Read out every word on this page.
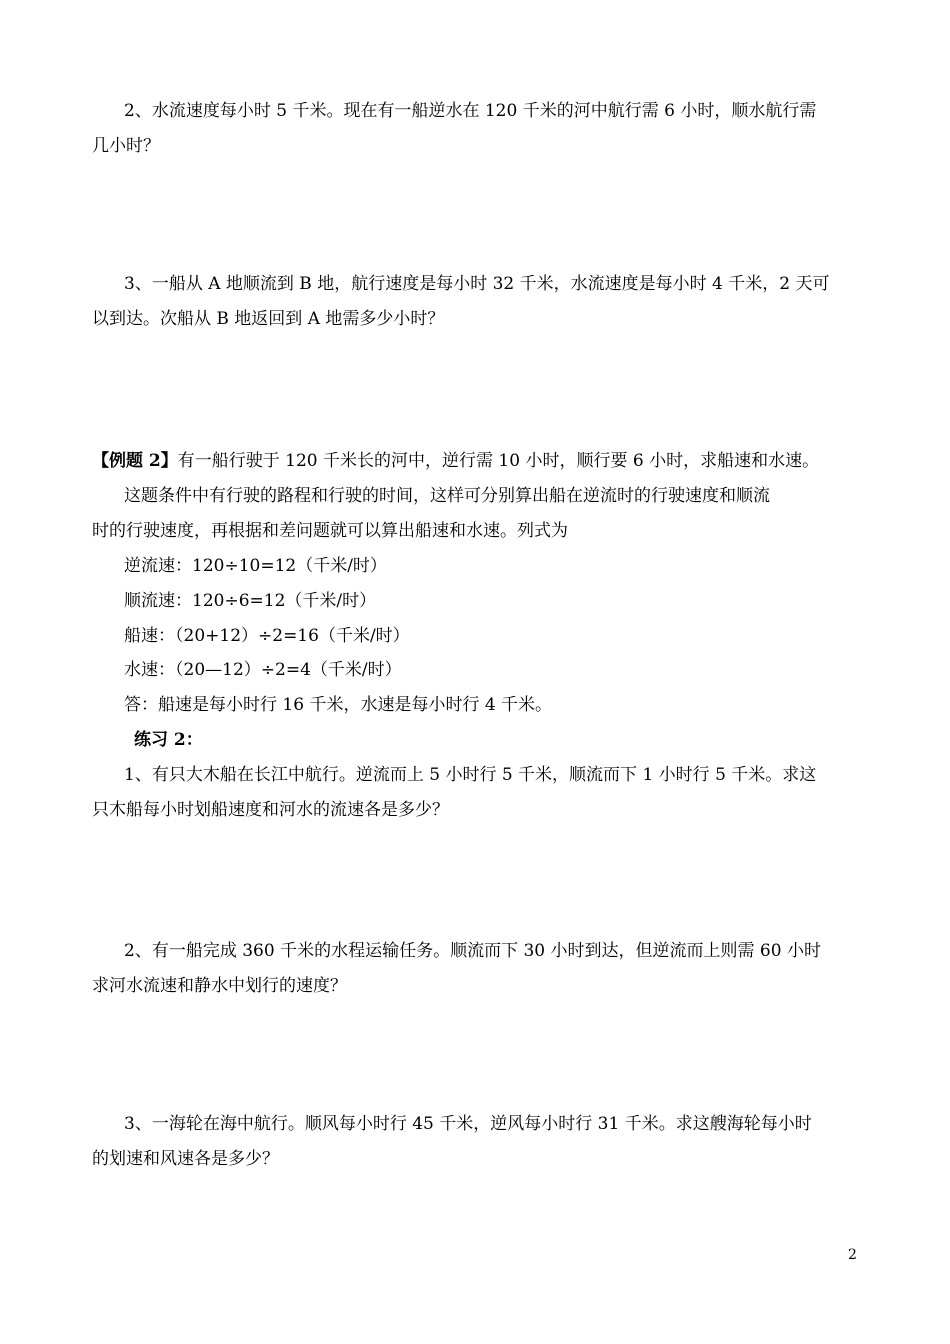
2、水流速度每小时 5 千米。现在有一船逆水在 120 千米的河中航行需 6 小时，顺水航行需
几小时？
3、一船从 A 地顺流到 B 地，航行速度是每小时 32 千米，水流速度是每小时 4 千米，2 天可
以到达。次船从 B 地返回到 A 地需多少小时？
【例题 2】有一船行驶于 120 千米长的河中，逆行需 10 小时，顺行要 6 小时，求船速和水速。
这题条件中有行驶的路程和行驶的时间，这样可分别算出船在逆流时的行驶速度和顺流
时的行驶速度，再根据和差问题就可以算出船速和水速。列式为
逆流速：120÷10=12（千米/时）
顺流速：120÷6=12（千米/时）
船速：（20+12）÷2=16（千米/时）
水速：（20—12）÷2=4（千米/时）
答：船速是每小时行 16 千米，水速是每小时行 4 千米。
练习 2：
1、有只大木船在长江中航行。逆流而上 5 小时行 5 千米，顺流而下 1 小时行 5 千米。求这
只木船每小时划船速度和河水的流速各是多少？
2、有一船完成 360 千米的水程运输任务。顺流而下 30 小时到达，但逆流而上则需 60 小时
求河水流速和静水中划行的速度？
3、一海轮在海中航行。顺风每小时行 45 千米，逆风每小时行 31 千米。求这艘海轮每小时
的划速和风速各是多少？
2
